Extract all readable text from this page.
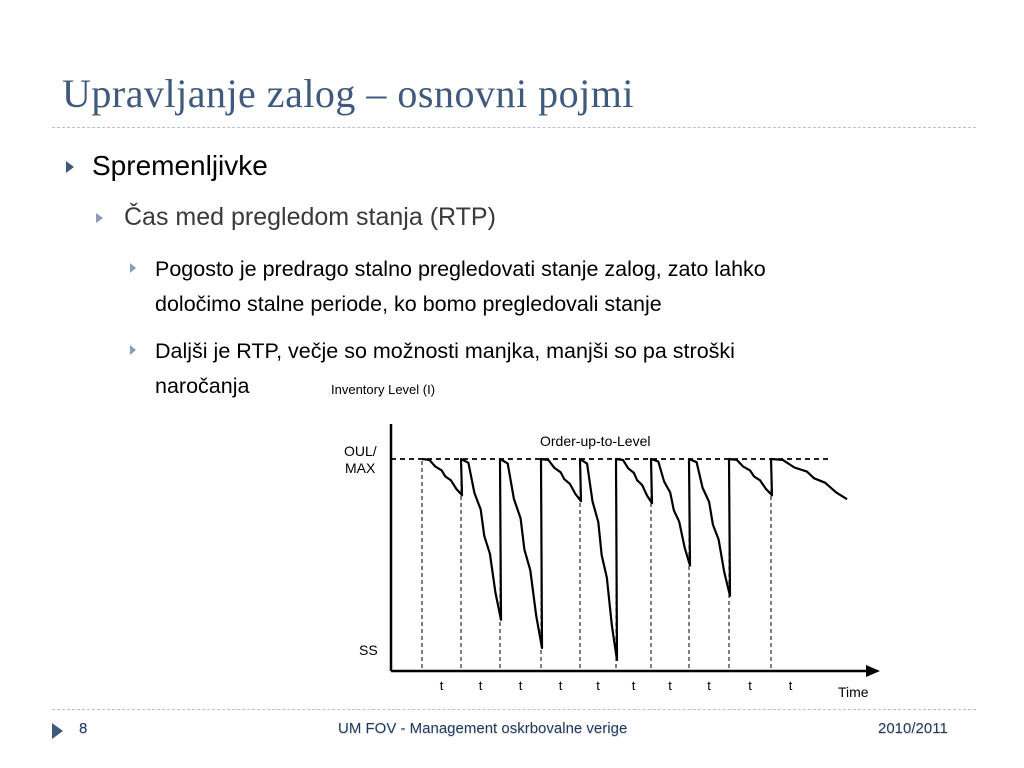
Upravljanje zalog – osnovni pojmi
Spremenljivke
Čas med pregledom stanja (RTP)
Pogosto je predrago stalno pregledovati stanje zalog, zato lahko
določimo stalne periode, ko bomo pregledovali stanje
Daljši je RTP, večje so možnosti manjka, manjši so pa stroški
naročanja	Inventory Level (I)
Time
Order-up-to-Level
OUL/
MAX
SS
t	t	t	t	t t	t	t	t	t
8	UM FOV - Management oskrbovalne verige	2010/2011
